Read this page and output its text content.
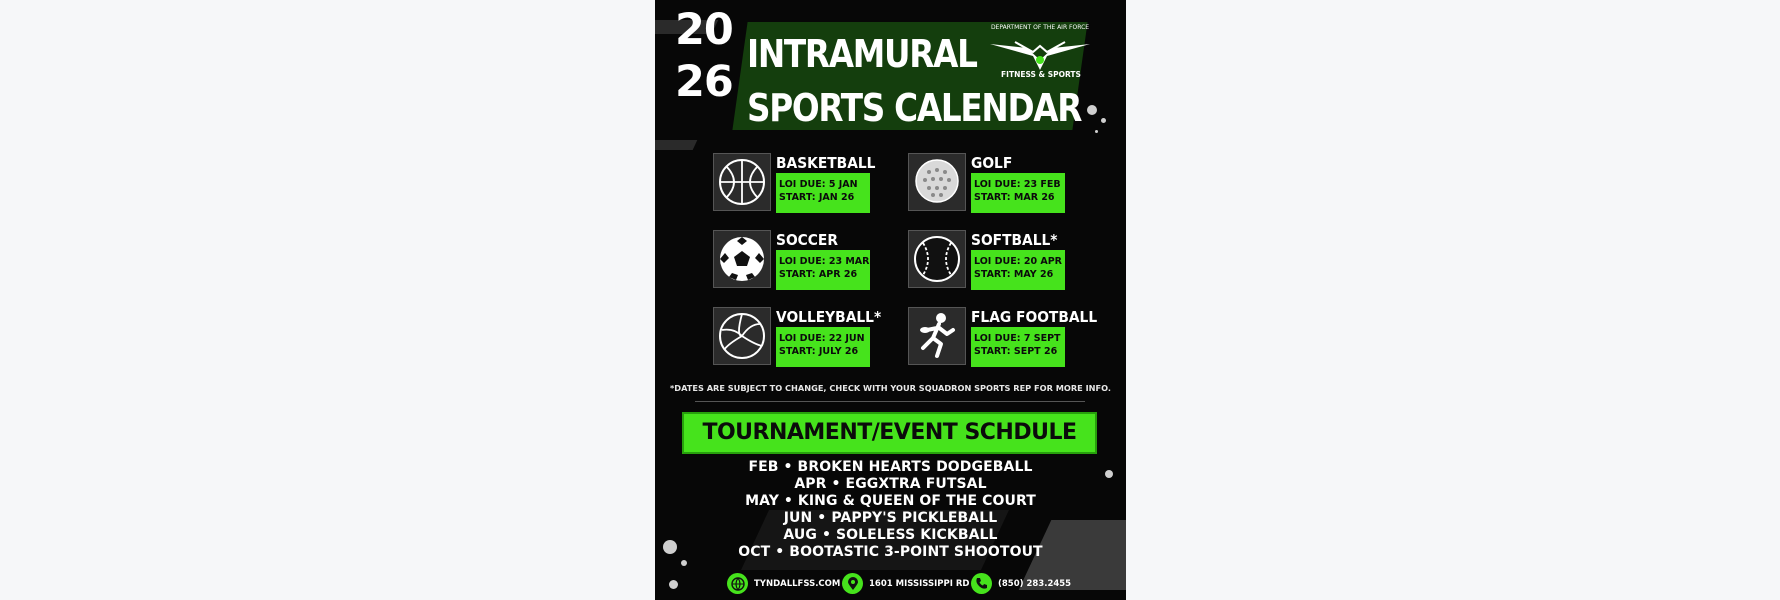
20
26
INTRAMURAL
SPORTS CALENDAR
DEPARTMENT OF THE AIR FORCE
FITNESS & SPORTS
BASKETBALL
LOI DUE: 5 JAN
START: JAN 26
GOLF
LOI DUE: 23 FEB
START: MAR 26
SOCCER
LOI DUE: 23 MAR
START: APR 26
SOFTBALL*
LOI DUE: 20 APR
START: MAY 26
VOLLEYBALL*
LOI DUE: 22 JUN
START: JULY 26
FLAG FOOTBALL
LOI DUE: 7 SEPT
START: SEPT 26
*DATES ARE SUBJECT TO CHANGE, CHECK WITH YOUR SQUADRON SPORTS REP FOR MORE INFO.
TOURNAMENT/EVENT SCHDULE
FEB • BROKEN HEARTS DODGEBALL
APR • EGGXTRA FUTSAL
MAY • KING & QUEEN OF THE COURT
JUN • PAPPY'S PICKLEBALL
AUG • SOLELESS KICKBALL
OCT • BOOTASTIC 3-POINT SHOOTOUT
TYNDALLFSS.COM	1601 MISSISSIPPI RD	(850) 283.2455
